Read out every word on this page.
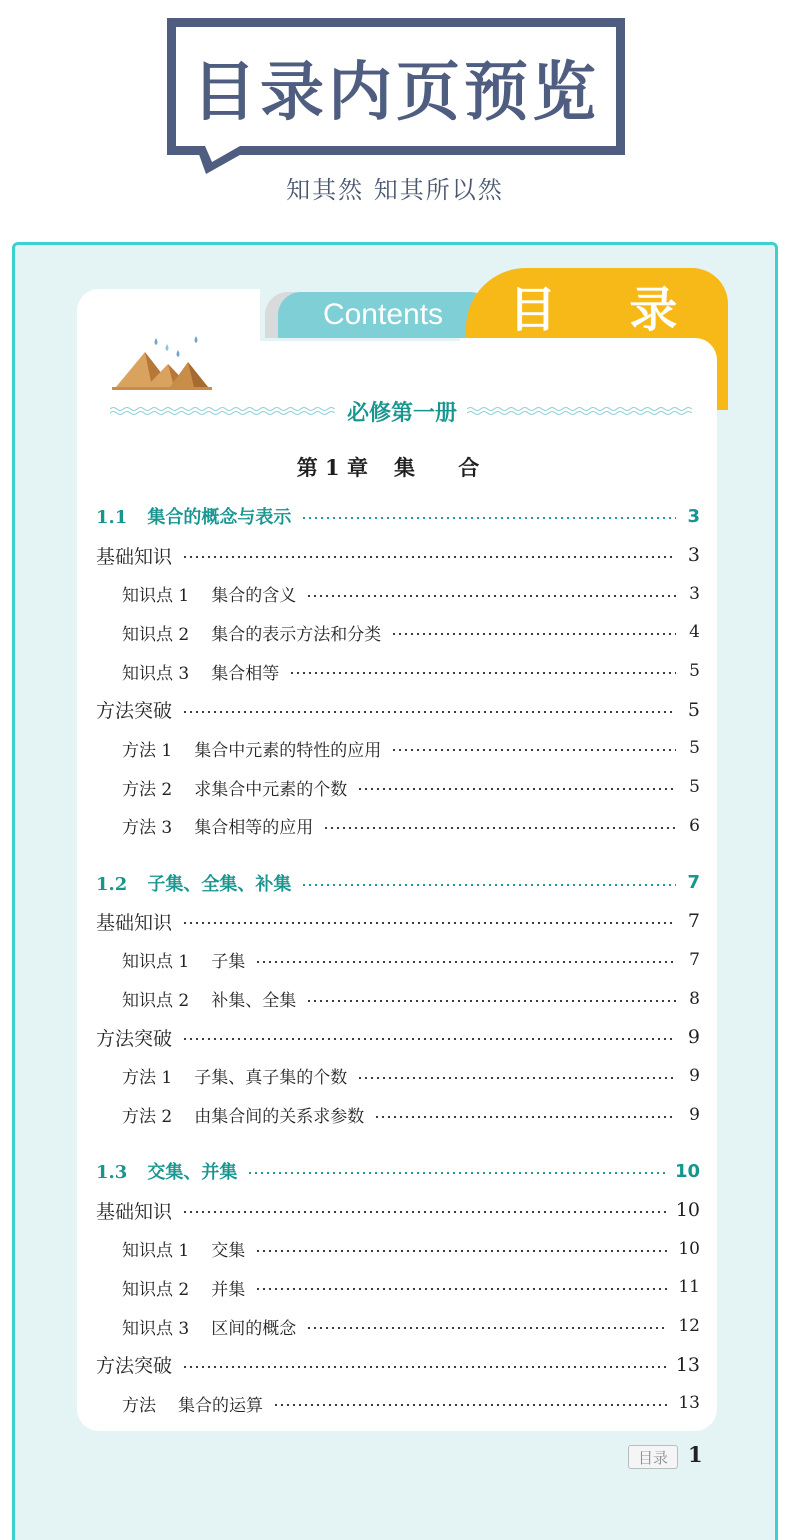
目录内页预览
知其然 知其所以然
Contents	目 录
必修第一册
第 1 章 集 合
1.1 集合的概念与表示	3
基础知识	3
知识点 1 集合的含义	3
知识点 2 集合的表示方法和分类	4
知识点 3 集合相等	5
方法突破	5
方法 1 集合中元素的特性的应用	5
方法 2 求集合中元素的个数	5
方法 3 集合相等的应用	6
1.2 子集、全集、补集	7
基础知识	7
知识点 1 子集	7
知识点 2 补集、全集	8
方法突破	9
方法 1 子集、真子集的个数	9
方法 2 由集合间的关系求参数	9
1.3 交集、并集	10
基础知识	10
知识点 1 交集	10
知识点 2 并集	11
知识点 3 区间的概念	12
方法突破	13
方法 集合的运算	13
目录 1
